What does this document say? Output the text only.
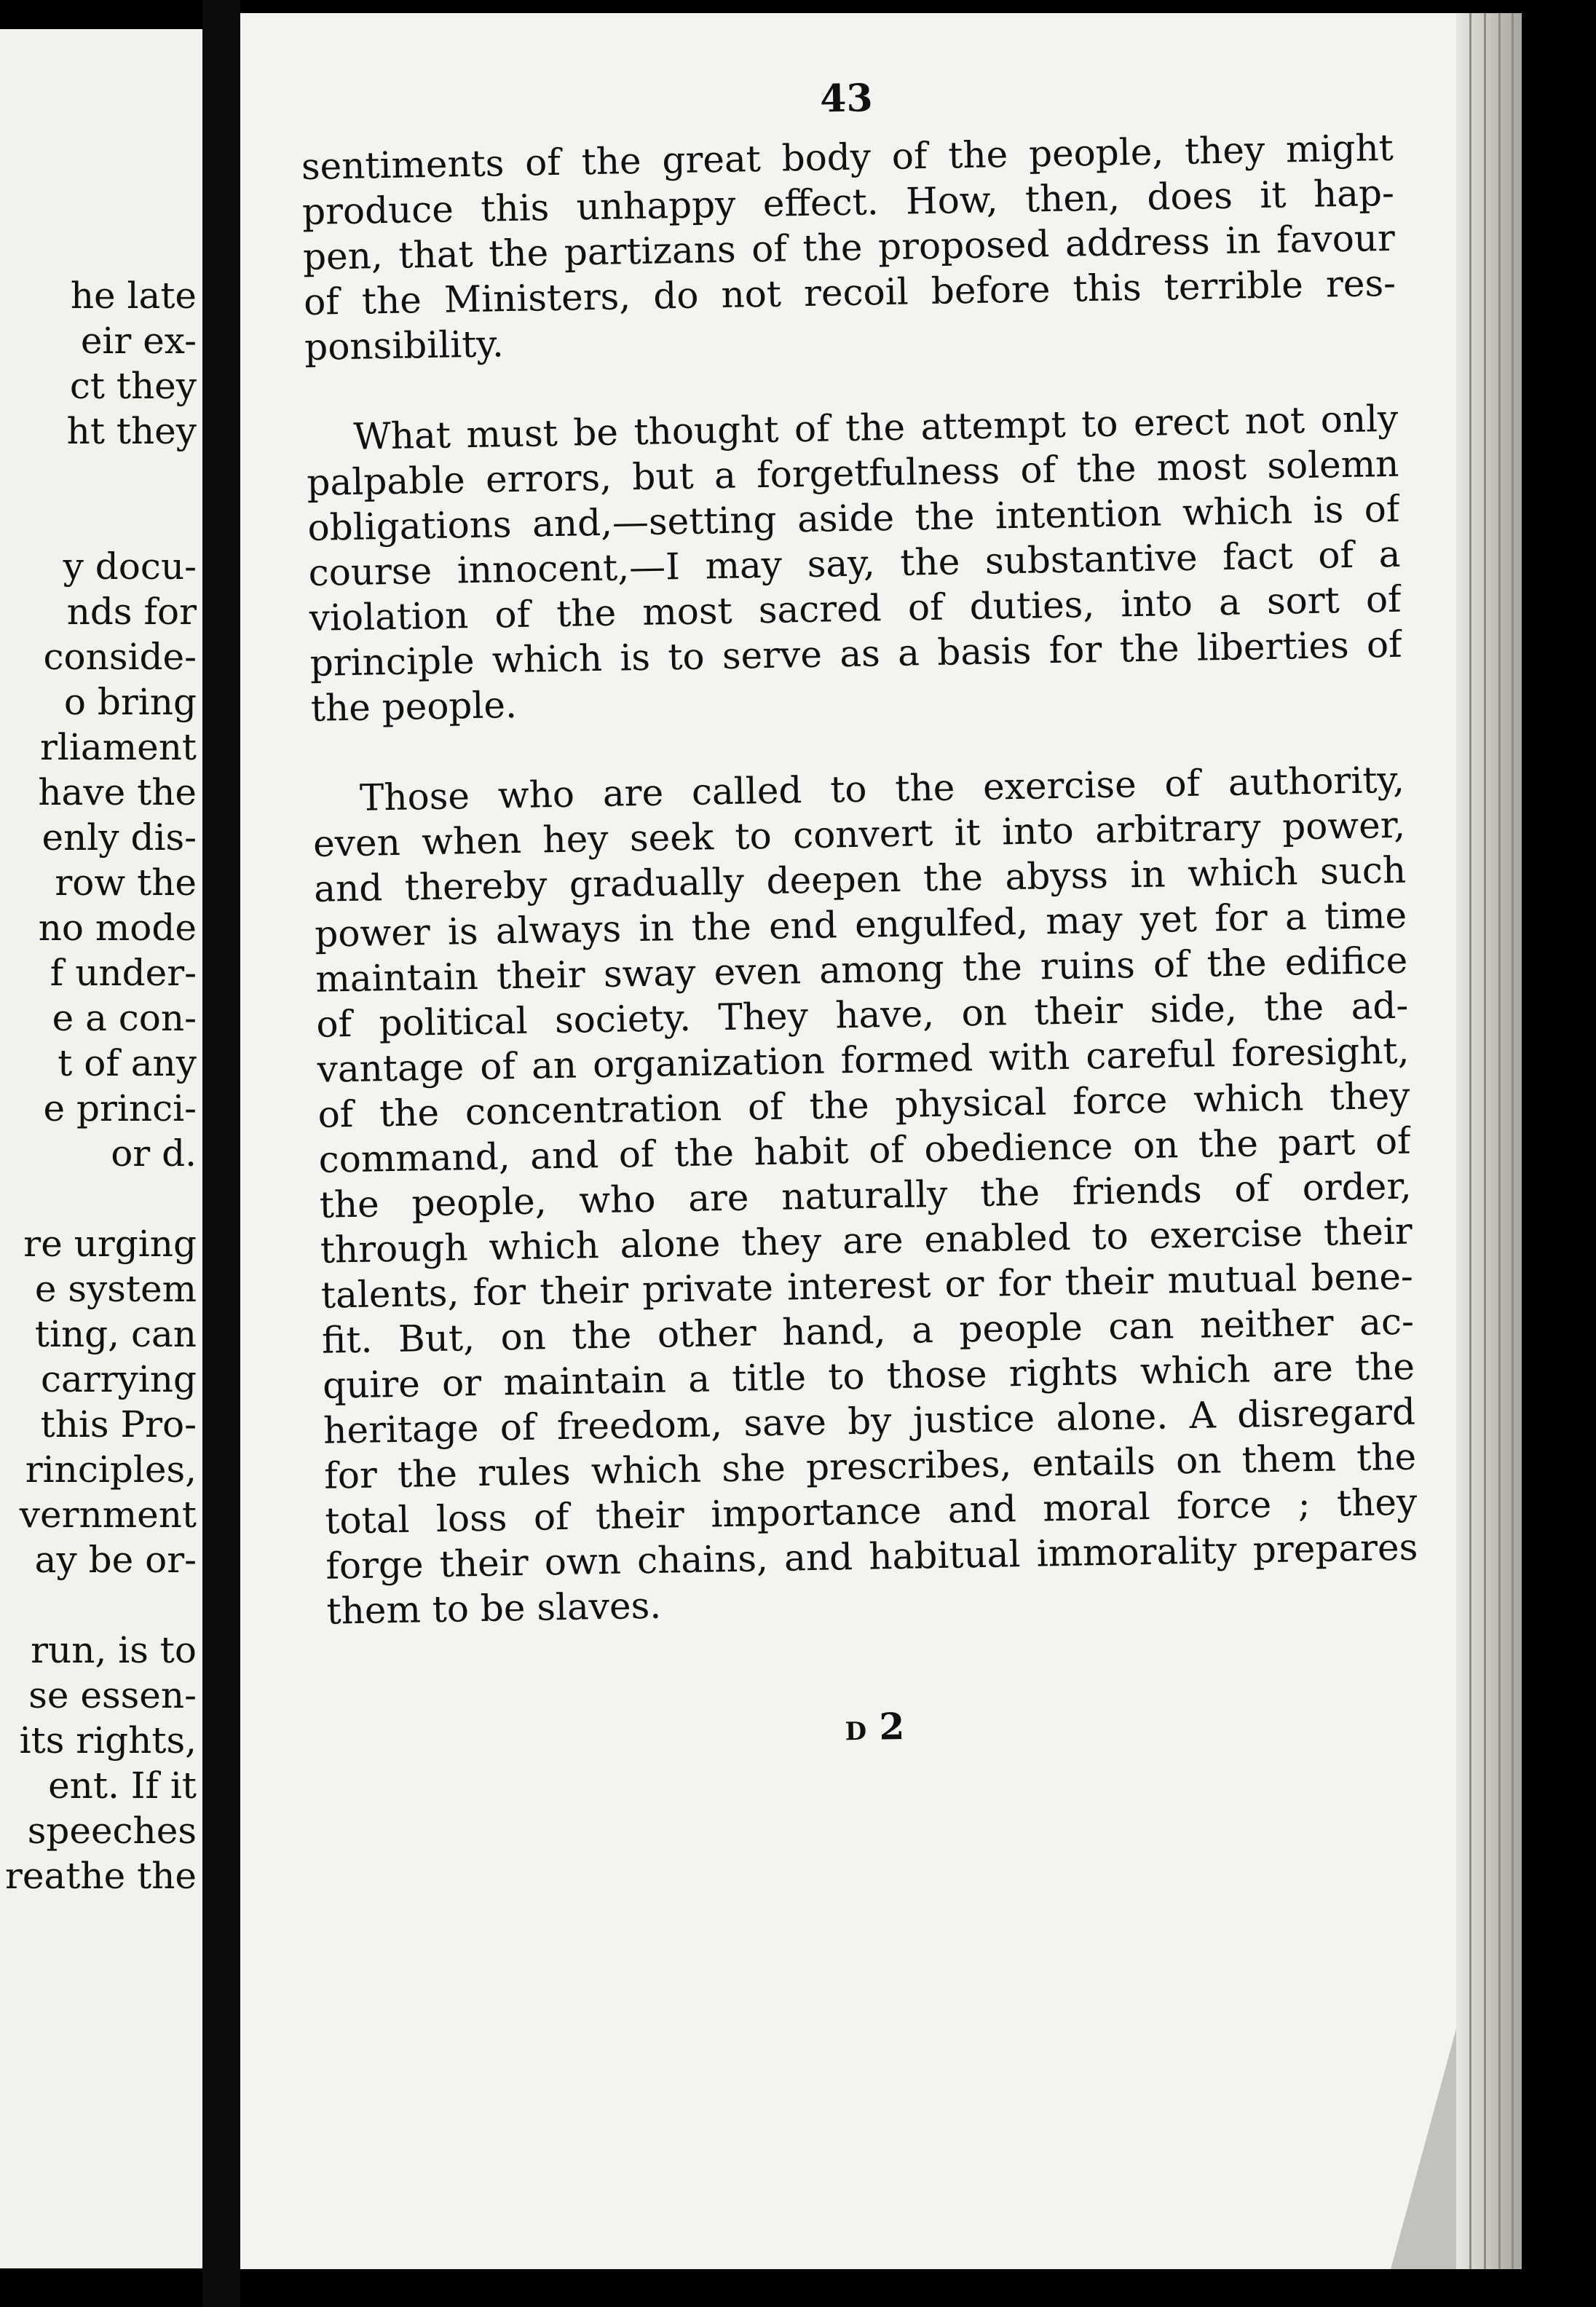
he late
eir ex-
ct they
ht they
y docu-
nds for
conside-
o bring
rliament
have the
enly dis-
row the
no mode
f under-
e a con-
t of any
e princi-
or d.
re urging
e system
ting, can
carrying
this Pro-
rinciples,
vernment
ay be or-
run, is to
se essen-
its rights,
ent. If it
speeches
reathe the
43
sentiments of the great body of the people, they might
produce this unhappy effect. How, then, does it hap-
pen, that the partizans of the proposed address in favour
of the Ministers, do not recoil before this terrible res-
ponsibility.
What must be thought of the attempt to erect not only
palpable errors, but a forgetfulness of the most solemn
obligations and,—setting aside the intention which is of
course innocent,—I may say, the substantive fact of a
violation of the most sacred of duties, into a sort of
principle which is to serve as a basis for the liberties of
the people.
Those who are called to the exercise of authority,
even when hey seek to convert it into arbitrary power,
and thereby gradually deepen the abyss in which such
power is always in the end engulfed, may yet for a time
maintain their sway even among the ruins of the edifice
of political society. They have, on their side, the ad-
vantage of an organization formed with careful foresight,
of the concentration of the physical force which they
command, and of the habit of obedience on the part of
the people, who are naturally the friends of order,
through which alone they are enabled to exercise their
talents, for their private interest or for their mutual bene-
fit. But, on the other hand, a people can neither ac-
quire or maintain a title to those rights which are the
heritage of freedom, save by justice alone. A disregard
for the rules which she prescribes, entails on them the
total loss of their importance and moral force ; they
forge their own chains, and habitual immorality prepares
them to be slaves.
D 2
